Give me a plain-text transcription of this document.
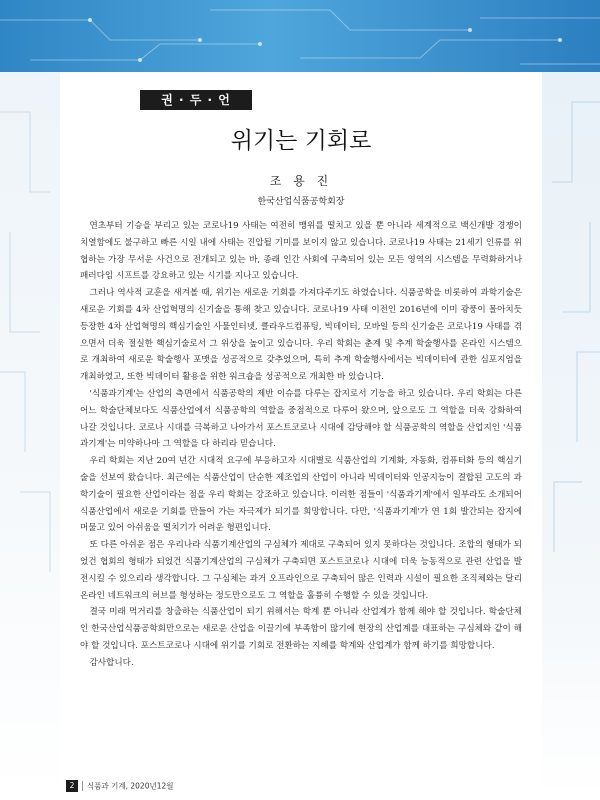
권 · 두 · 언
위기는 기회로
조 용 진
한국산업식품공학회장

연초부터 기승을 부리고 있는 코로나19 사태는 여전히 맹위를 떨치고 있을 뿐 아니라 세계적으로 백신개발 경쟁이 치열함에도 불구하고 빠른 시일 내에 사태는 진압될 기미를 보이지 않고 있습니다. 코로나19 사태는 21세기 인류를 위협하는 가장 무서운 사건으로 전개되고 있는 바, 종래 인간 사회에 구축되어 있는 모든 영역의 시스템을 무력화하거나 패러다임 시프트를 강요하고 있는 시기를 지나고 있습니다.

그러나 역사적 교훈을 새겨볼 때, 위기는 새로운 기회를 가져다주기도 하였습니다. 식품공학을 비롯하여 과학기술은 새로운 기회를 4차 산업혁명의 신기술을 통해 찾고 있습니다. 코로나19 사태 이전인 2016년에 이미 광풍이 몰아치듯 등장한 4차 산업혁명의 핵심기술인 사물인터넷, 클라우드컴퓨팅, 빅데이터, 모바일 등의 신기술은 코로나19 사태를 겪으면서 더욱 절실한 핵심기술로서 그 위상을 높이고 있습니다. 우리 학회는 춘계 및 추계 학술행사를 온라인 시스템으로 개최하여 새로운 학술행사 포맷을 성공적으로 갖추었으며, 특히 추계 학술행사에서는 빅데이터에 관한 심포지엄을 개최하였고, 또한 빅데이터 활용을 위한 워크숍을 성공적으로 개최한 바 있습니다.

'식품과기계'는 산업의 측면에서 식품공학의 제반 이슈를 다루는 잡지로서 기능을 하고 있습니다. 우리 학회는 다른 어느 학술단체보다도 식품산업에서 식품공학의 역할을 중점적으로 다루어 왔으며, 앞으로도 그 역할을 더욱 강화하여 나갈 것입니다. 코로나 시대를 극복하고 나아가서 포스트코로나 시대에 감당해야 할 식품공학의 역할을 산업지인 '식품과기계'는 미약하나마 그 역할을 다 하리라 믿습니다.

우리 학회는 지난 20여 년간 시대적 요구에 부응하고자 시대별로 식품산업의 기계화, 자동화, 컴퓨터화 등의 핵심기술을 선보여 왔습니다. 최근에는 식품산업이 단순한 제조업의 산업이 아니라 빅데이터와 인공지능이 결합된 고도의 과학기술이 필요한 산업이라는 점을 우리 학회는 강조하고 있습니다. 이러한 점들이 '식품과기계'에서 일부라도 소개되어 식품산업에서 새로운 기회를 만들어 가는 자극제가 되기를 희망합니다. 다만, '식품과기계'가 연 1회 발간되는 잡지에 머물고 있어 아쉬움을 떨치기가 어려운 형편입니다.

또 다른 아쉬운 점은 우리나라 식품기계산업의 구심체가 제대로 구축되어 있지 못하다는 것입니다. 조합의 형태가 되었건 협회의 형태가 되었건 식품기계산업의 구심체가 구축되면 포스트코로나 시대에 더욱 능동적으로 관련 산업을 발전시킬 수 있으리라 생각합니다. 그 구심체는 과거 오프라인으로 구축되어 많은 인력과 시설이 필요한 조직체와는 달리 온라인 네트워크의 허브를 형성하는 정도만으로도 그 역할을 훌륭히 수행할 수 있을 것입니다.

결국 미래 먹거리를 창출하는 식품산업이 되기 위해서는 학계 뿐 아니라 산업계가 함께 해야 할 것입니다. 학술단체인 한국산업식품공학회만으로는 새로운 산업을 이끌기에 부족함이 많기에 현장의 산업계를 대표하는 구심체와 같이 해야 할 것입니다. 포스트코로나 시대에 위기를 기회로 전환하는 지혜를 학계와 산업계가 함께 하기를 희망합니다.

감사합니다.

2 식품과 기계, 2020년12월
